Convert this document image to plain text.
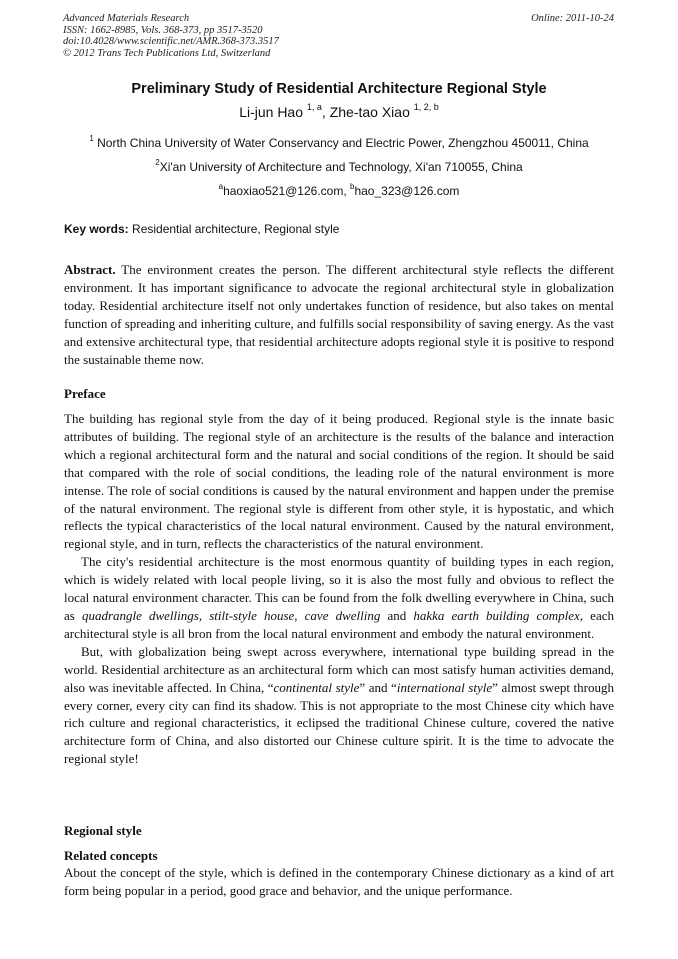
Advanced Materials Research
ISSN: 1662-8985, Vols. 368-373, pp 3517-3520
doi:10.4028/www.scientific.net/AMR.368-373.3517
© 2012 Trans Tech Publications Ltd, Switzerland
Online: 2011-10-24
Preliminary Study of Residential Architecture Regional Style
Li-jun Hao $^{1, a}$, Zhe-tao Xiao $^{1, 2, b}$
$^1$ North China University of Water Conservancy and Electric Power, Zhengzhou 450011, China
$^2$Xi'an University of Architecture and Technology, Xi'an 710055, China
$^a$haoxiao521@126.com, $^b$hao_323@126.com
Key words: Residential architecture, Regional style

Abstract. The environment creates the person. The different architectural style reflects the different environment. It has important significance to advocate the regional architectural style in globalization today. Residential architecture itself not only undertakes function of residence, but also takes on mental function of spreading and inheriting culture, and fulfills social responsibility of saving energy. As the vast and extensive architectural type, that residential architecture adopts regional style it is positive to respond the sustainable theme now.

Preface

The building has regional style from the day of it being produced. Regional style is the innate basic attributes of building. The regional style of an architecture is the results of the balance and interaction which a regional architectural form and the natural and social conditions of the region. It should be said that compared with the role of social conditions, the leading role of the natural environment is more intense. The role of social conditions is caused by the natural environment and happen under the premise of the natural environment. The regional style is different from other style, it is hypostatic, and which reflects the typical characteristics of the local natural environment. Caused by the natural environment, regional style, and in turn, reflects the characteristics of the natural environment.

The city's residential architecture is the most enormous quantity of building types in each region, which is widely related with local people living, so it is also the most fully and obvious to reflect the local natural environment character. This can be found from the folk dwelling everywhere in China, such as quadrangle dwellings, stilt-style house, cave dwelling and hakka earth building complex, each architectural style is all bron from the local natural environment and embody the natural environment.

But, with globalization being swept across everywhere, international type building spread in the world. Residential architecture as an architectural form which can most satisfy human activities demand, also was inevitable affected. In China, “continental style” and “international style” almost swept through every corner, every city can find its shadow. This is not appropriate to the most Chinese city which have rich culture and regional characteristics, it eclipsed the traditional Chinese culture, covered the native architecture form of China, and also distorted our Chinese culture spirit. It is the time to advocate the regional style!

Regional style
Related concepts

About the concept of the style, which is defined in the contemporary Chinese dictionary as a kind of art form being popular in a period, good grace and behavior, and the unique performance.
